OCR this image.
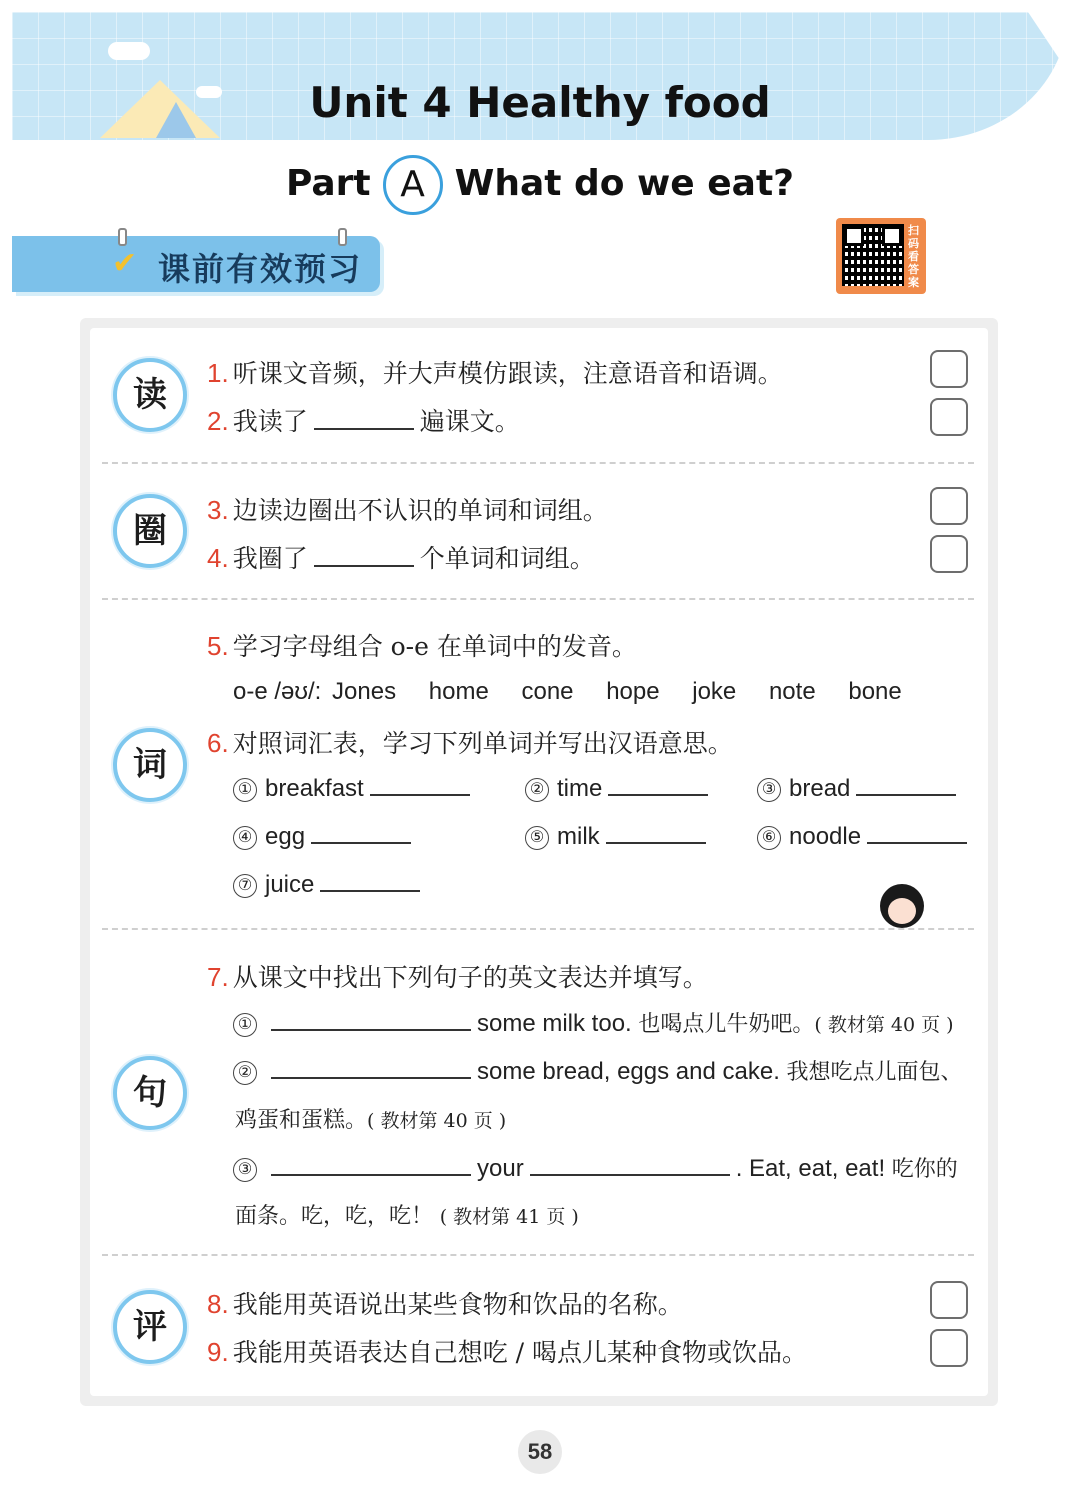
Unit 4 Healthy food
Part A What do we eat?
✔ 课前有效预习
扫码看答案
读
1. 听课文音频，并大声模仿跟读，注意语音和语调。
2. 我读了	遍课文。
圈
3. 边读边圈出不认识的单词和词组。
4. 我圈了	个单词和词组。
词
5. 学习字母组合 o-e 在单词中的发音。
o-e /əʊ/: Jones home cone hope joke note bone
6. 对照词汇表，学习下列单词并写出汉语意思。
① breakfast	② time	③ bread
④ egg	⑤ milk	⑥ noodle
⑦ juice
句
7. 从课文中找出下列句子的英文表达并填写。
①	some milk too. 也喝点儿牛奶吧。( 教材第 40 页 )
②	some bread, eggs and cake. 我想吃点儿面包、
鸡蛋和蛋糕。( 教材第 40 页 )
③	your	. Eat, eat, eat! 吃你的
面条。吃，吃，吃！ ( 教材第 41 页 )
评
8. 我能用英语说出某些食物和饮品的名称。
9. 我能用英语表达自己想吃 / 喝点儿某种食物或饮品。
58
